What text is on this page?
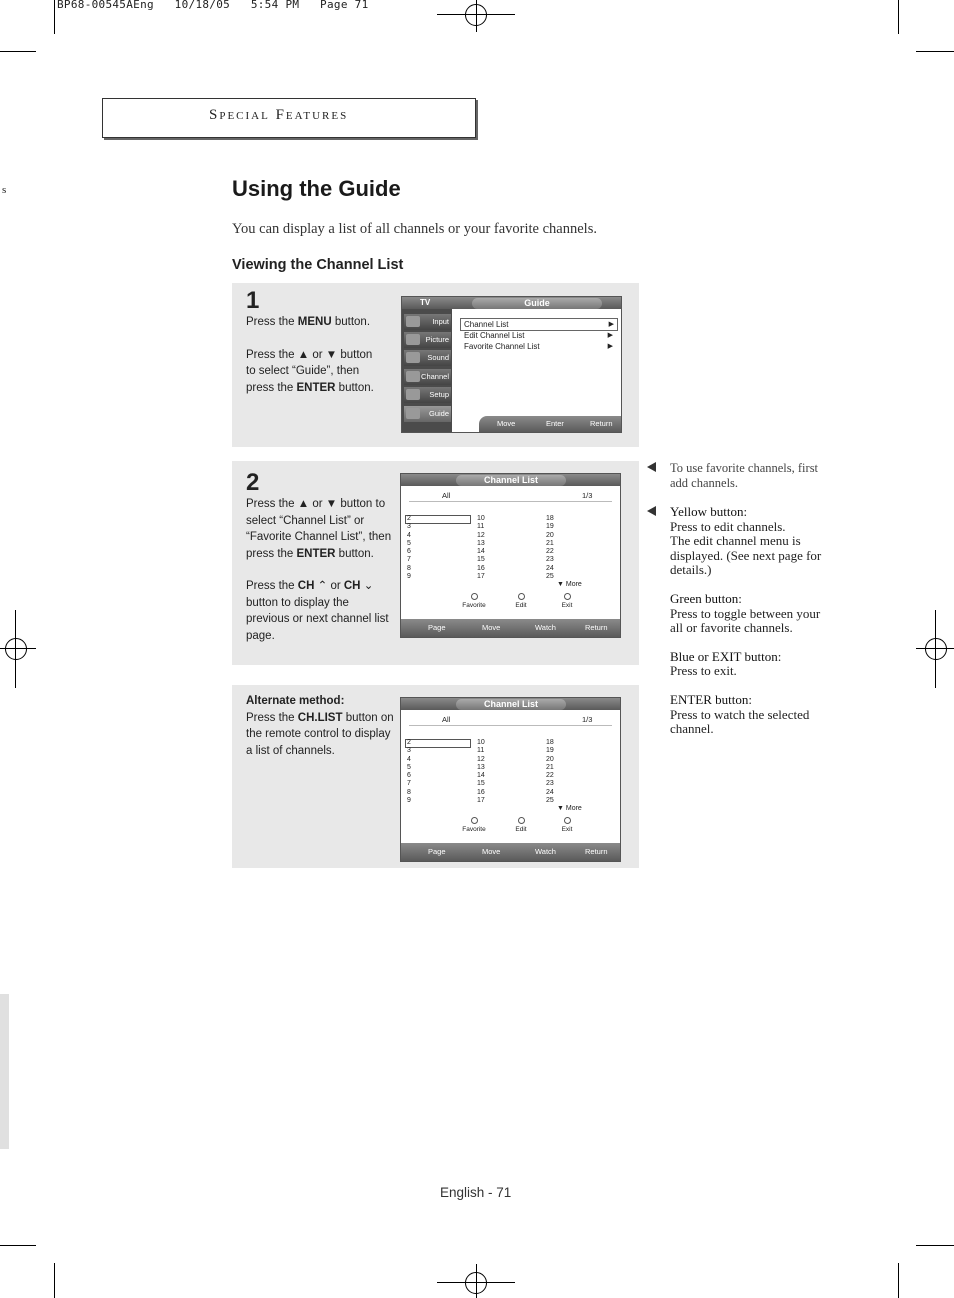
BP68-00545AEng   10/18/05   5:54 PM   Page 71
s
Special Features
Using the Guide
You can display a list of all channels or your favorite channels.
Viewing the Channel List
1
Press the MENU button.
Press the ▲ or ▼ button
to select “Guide”, then
press the ENTER button.
TV	Guide
Input
Picture
Sound
Channel
Setup
Guide
Channel List	▶
Edit Channel List	▶
Favorite Channel List	▶
Move	Enter	Return
2
Press the ▲ or ▼ button to
select “Channel List” or
“Favorite Channel List”, then
press the ENTER button.
Press the CH ⌃ or CH ⌄
button to display the
previous or next channel list
page.
Channel List
All	1/3
2
3
4
5
6
7
8
9
10
11
12
13
14
15
16
17
18
19
20
21
22
23
24
25
▼ More
Favorite	Edit	Exit
Page	Move	Watch	Return
Alternate method:
Press the CH.LIST button on
the remote control to display
a list of channels.
Channel List
All	1/3
2
3
4
5
6
7
8
9
10
11
12
13
14
15
16
17
18
19
20
21
22
23
24
25
▼ More
Favorite	Edit	Exit
Page	Move	Watch	Return
To use favorite channels, first
add channels.
Yellow button:
Press to edit channels.
The edit channel menu is
displayed. (See next page for
details.)
Green button:
Press to toggle between your
all or favorite channels.
Blue or EXIT button:
Press to exit.
ENTER button:
Press to watch the selected
channel.
English - 71
